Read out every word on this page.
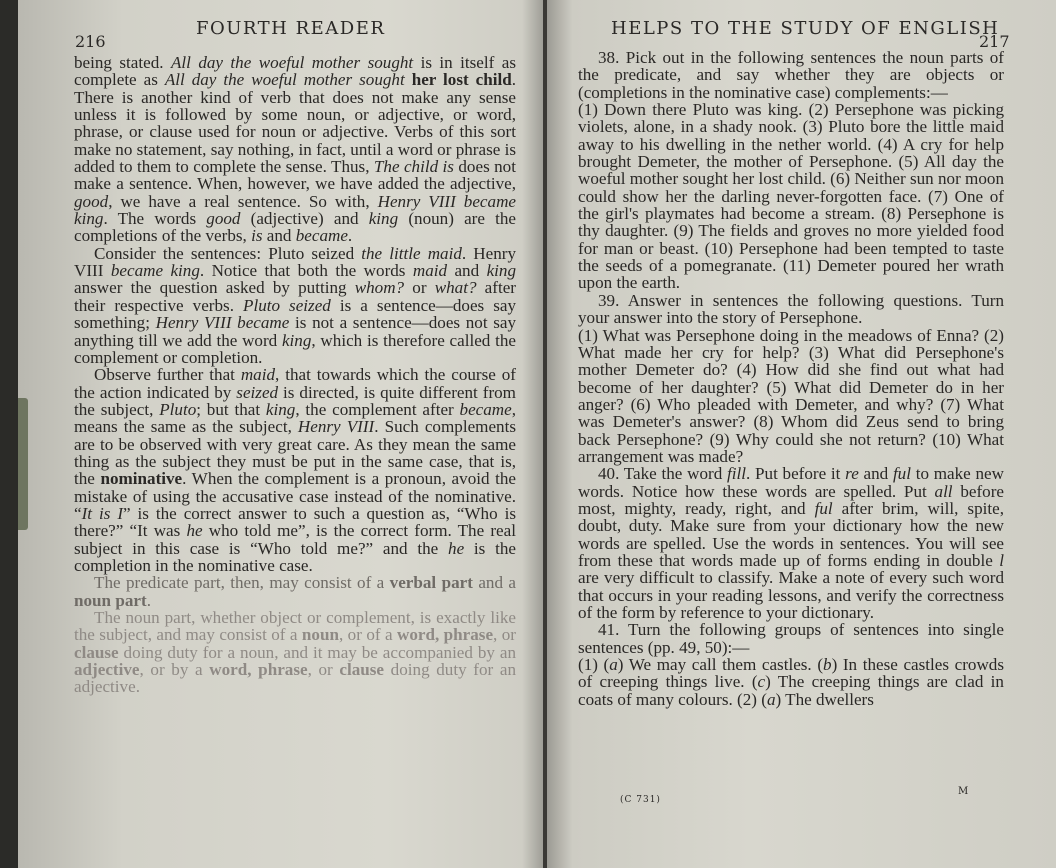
216
FOURTH READER

being stated. All day the woeful mother sought is in itself as complete as All day the woeful mother sought her lost child. There is another kind of verb that does not make any sense unless it is followed by some noun, or adjective, or word, phrase, or clause used for noun or adjective. Verbs of this sort make no statement, say nothing, in fact, until a word or phrase is added to them to complete the sense. Thus, The child is does not make a sentence. When, however, we have added the adjective, good, we have a real sentence. So with, Henry VIII became king. The words good (adjective) and king (noun) are the completions of the verbs, is and became.

Consider the sentences: Pluto seized the little maid. Henry VIII became king. Notice that both the words maid and king answer the question asked by putting whom? or what? after their respective verbs. Pluto seized is a sentence—does say something; Henry VIII became is not a sentence—does not say anything till we add the word king, which is therefore called the complement or completion.

Observe further that maid, that towards which the course of the action indicated by seized is directed, is quite different from the subject, Pluto; but that king, the complement after became, means the same as the subject, Henry VIII. Such complements are to be observed with very great care. As they mean the same thing as the subject they must be put in the same case, that is, the nominative. When the complement is a pronoun, avoid the mistake of using the accusative case instead of the nominative. “It is I” is the correct answer to such a question as, “Who is there?” “It was he who told me”, is the correct form. The real subject in this case is “Who told me?” and the he is the completion in the nominative case.

The predicate part, then, may consist of a verbal part and a noun part.

The noun part, whether object or complement, is exactly like the subject, and may consist of a noun, or of a word, phrase, or clause doing duty for a noun, and it may be accompanied by an adjective, or by a word, phrase, or clause doing duty for an adjective.

HELPS TO THE STUDY OF ENGLISH
217

38. Pick out in the following sentences the noun parts of the predicate, and say whether they are objects or (completions in the nominative case) complements:—

(1) Down there Pluto was king. (2) Persephone was picking violets, alone, in a shady nook. (3) Pluto bore the little maid away to his dwelling in the nether world. (4) A cry for help brought Demeter, the mother of Persephone. (5) All day the woeful mother sought her lost child. (6) Neither sun nor moon could show her the darling never-forgotten face. (7) One of the girl's playmates had become a stream. (8) Persephone is thy daughter. (9) The fields and groves no more yielded food for man or beast. (10) Persephone had been tempted to taste the seeds of a pomegranate. (11) Demeter poured her wrath upon the earth.

39. Answer in sentences the following questions. Turn your answer into the story of Persephone.

(1) What was Persephone doing in the meadows of Enna? (2) What made her cry for help? (3) What did Persephone's mother Demeter do? (4) How did she find out what had become of her daughter? (5) What did Demeter do in her anger? (6) Who pleaded with Demeter, and why? (7) What was Demeter's answer? (8) Whom did Zeus send to bring back Persephone? (9) Why could she not return? (10) What arrangement was made?

40. Take the word fill. Put before it re and ful to make new words. Notice how these words are spelled. Put all before most, mighty, ready, right, and ful after brim, will, spite, doubt, duty. Make sure from your dictionary how the new words are spelled. Use the words in sentences. You will see from these that words made up of forms ending in double l are very difficult to classify. Make a note of every such word that occurs in your reading lessons, and verify the correctness of the form by reference to your dictionary.

41. Turn the following groups of sentences into single sentences (pp. 49, 50):—

(1) (a) We may call them castles. (b) In these castles crowds of creeping things live. (c) The creeping things are clad in coats of many colours. (2) (a) The dwellers

(C 731)
M
